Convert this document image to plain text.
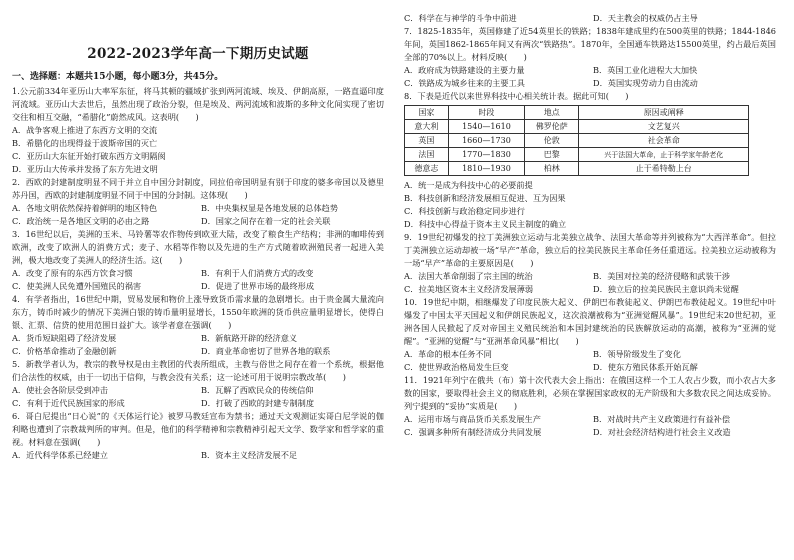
2022-2023学年高一下期历史试题
一、选择题：本题共15小题，每小题3分，共45分。

1.公元前334年亚历山大率军东征，将马其顿的疆域扩张到两河流域、埃及、伊朗高原，一路直逼印度河流域。亚历山大去世后，虽然出现了政治分裂，但是埃及、两河流域和波斯的多种文化间实现了密切交往和相互交融，“希腊化”蔚然成风。这表明(　　)

A．战争客观上推进了东西方文明的交流
B．希腊化的出现得益于波斯帝国的灭亡
C．亚历山大东征开始打破东西方文明隔阂
D．亚历山大传承并发扬了东方先进文明

2．西欧的封建制度明显不同于并立自中国分封制度，同拉伯帝国明显有别于印度的婆多帝国以及德里苏丹国，西欧的封建制度明显不同于中国的分封制。这体现(　　)

A．各地文明依然保持着鲜明的地区特色	B．中央集权显是各地发展的总体趋势
C．政治统一是各地区文明的必由之路	D．国家之间存在着一定的社会关联

3．16世纪以后，美洲的玉米、马铃薯等农作物传到欧亚大陆，改变了粮食生产结构；非洲的咖啡传到欧洲，改变了欧洲人的消费方式；麦子、水稻等作物以及先进的生产方式随着欧洲殖民者一起进入美洲，极大地改变了美洲人的经济生活。这(　　)

A．改变了原有的东西方饮食习惯	B．有利于人们消费方式的改变
C．使美洲人民免遭外国殖民的祸害	D．促进了世界市场的最终形成

4．有学者指出，16世纪中期，贸易发展和物价上涨导致货币需求量的急剧增长。由于贵金属大量流向东方，铸币时减少的情况下美洲白银的铸币量明显增长，1550年欧洲的货币供应量明显增长，使得白银、汇票、信贷的使用范围日益扩大。该学者意在强调(　　)

A．货币短缺阻碍了经济发展	B．新航路开辟的经济意义
C．价格革命推动了金融创新	D．商业革命密切了世界各地的联系

5．新教学者认为，教宗的教导权是由主教团的代表所组成，主教与俗世之间存在着一个系统，根据他们合法性的权威，由于一切出于信仰，与教会没有关系；这一论述可用于说明宗教改革(　　)

A．使社会各阶层受到冲击	B．瓦解了西欧民众的传统信仰
C．有利于近代民族国家的形成	D．打破了西欧的封建专制制度

6．哥白尼提出“日心说”的《天体运行论》被罗马教廷宣布为禁书；通过天文观测证实哥白尼学说的伽利略也遭到了宗教裁判所的审判。但是，他们的科学精神和宗教精神引起天文学、数学家和哲学家的重视。材料意在强调(　　)

A．近代科学体系已经建立	B．资本主义经济发展不足
C．科学在与神学的斗争中前进	D．天主教会的权威仍占主导

7．1825-1835年，英国修建了近54英里长的铁路；1838年建成里约在500英里的铁路；1844-1846年间，英国1862-1865年间又有两次“铁路热”。1870年，全国通车铁路达15500英里，约占最后英国全部的70%以上。材料反映(　　)

A．政府成为铁路建设的主要力量	B．英国工业化进程大大加快
C．铁路成为城乡往来的主要工具	D．英国实现劳动力自由流动

8．下表是近代以来世界科技中心相关统计表。据此可知(　　)

国家	时段	地点	原因或阐释
意大利	1540—1610	佛罗伦萨	文艺复兴
英国	1660—1730	伦敦	社会革命
法国	1770—1830	巴黎	兴于法国大革命，止于科学家年龄老化
德意志	1810—1930	柏林	止于希特勒上台
A．统一是成为科技中心的必要前提
B．科技创新和经济发展相互促进、互为因果
C．科技创新与政治稳定同步进行
D．科技中心得益于资本主义民主制度的确立

9．19世纪初爆发的拉丁美洲独立运动与北美独立战争、法国大革命等并列被称为“大西洋革命”。但拉丁美洲独立运动却被一场“早产”革命，独立后的拉美民族民主革命任务任重道远。拉美独立运动被称为一场“早产”革命的主要原因是(　　)

A．法国大革命削弱了宗主国的统治	B．美国对拉美的经济侵略和武装干涉
C．拉美地区资本主义经济发展薄弱	D．独立后的拉美民族民主意识尚未觉醒

10．19世纪中期，相继爆发了印度民族大起义、伊朗巴布教徒起义、伊朗巴布教徒起义。19世纪中叶爆发了中国太平天国起义和伊朗民族起义，这次浪潮被称为“亚洲觉醒风暴”。19世纪末20世纪初，亚洲各国人民掀起了反对帝国主义殖民统治和本国封建统治的民族解放运动的高潮，被称为“亚洲的觉醒”。“亚洲的觉醒”与“亚洲革命风暴”相比(　　)

A．革命的根本任务不同	B．领导阶级发生了变化
C．使世界政治格局发生巨变	D．使东方殖民体系开始瓦解

11．1921年列宁在俄共（布）第十次代表大会上指出：在俄国这样一个工人农占少数，而小农占大多数的国家，要取得社会主义的彻底胜利，必须在掌握国家政权的无产阶级和大多数农民之间达成妥协。列宁提到的“妥协”实质是(　　)

A．运用市场与商品货币关系发展生产	B．对战时共产主义政策进行有益补偿
C．强调多种所有制经济成分共同发展	D．对社会经济结构进行社会主义改造
